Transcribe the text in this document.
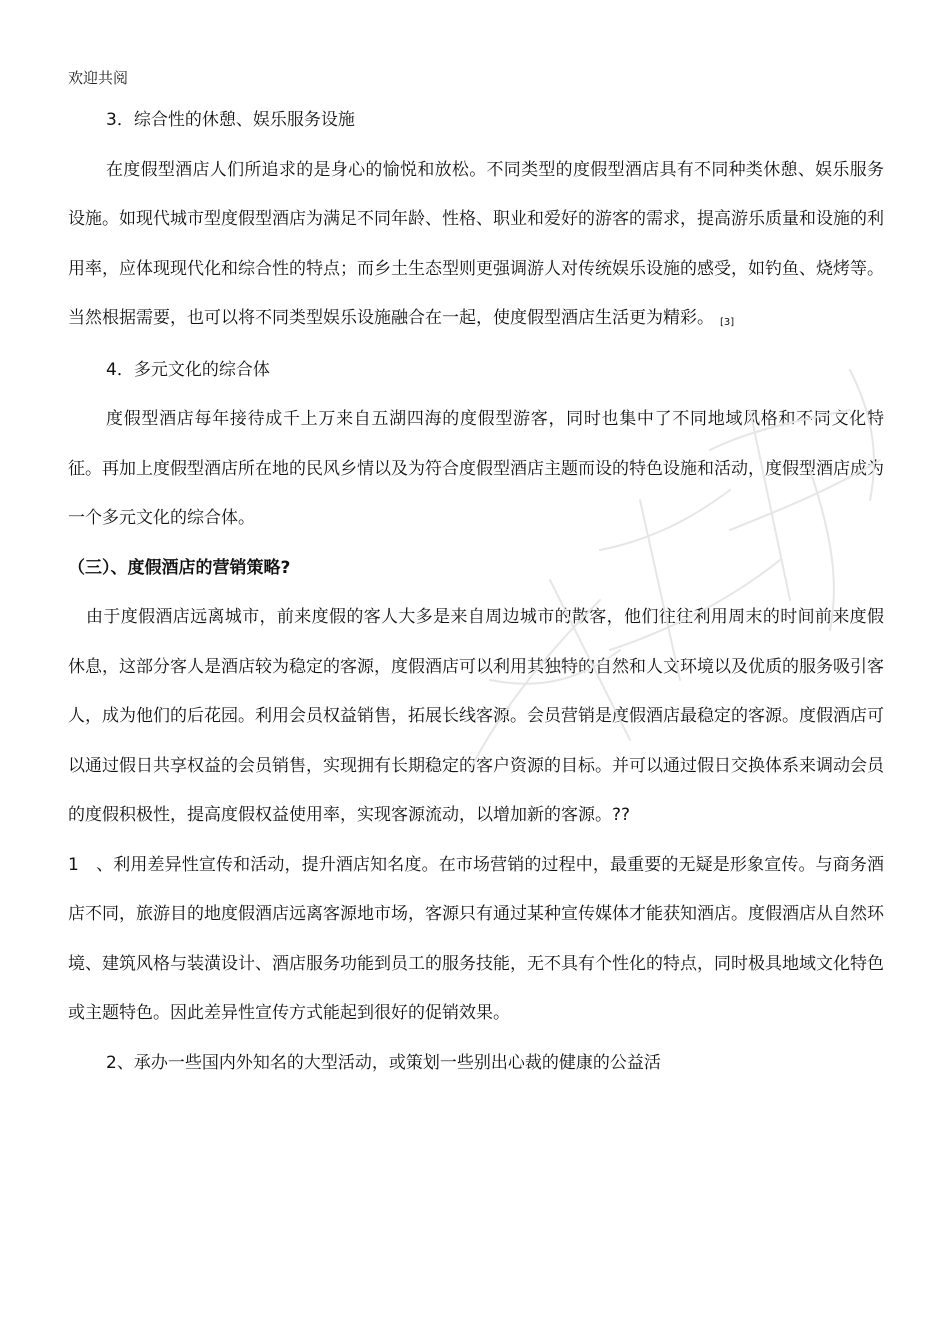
欢迎共阅

3．综合性的休憩、娱乐服务设施

在度假型酒店人们所追求的是身心的愉悦和放松。不同类型的度假型酒店具有不同种类休憩、娱乐服务设施。如现代城市型度假型酒店为满足不同年龄、性格、职业和爱好的游客的需求，提高游乐质量和设施的利用率，应体现现代化和综合性的特点；而乡土生态型则更强调游人对传统娱乐设施的感受，如钓鱼、烧烤等。当然根据需要，也可以将不同类型娱乐设施融合在一起，使度假型酒店生活更为精彩。 [3]

4．多元文化的综合体

度假型酒店每年接待成千上万来自五湖四海的度假型游客，同时也集中了不同地域风格和不同文化特征。再加上度假型酒店所在地的民风乡情以及为符合度假型酒店主题而设的特色设施和活动，度假型酒店成为一个多元文化的综合体。

（三）、度假酒店的营销策略?

由于度假酒店远离城市，前来度假的客人大多是来自周边城市的散客，他们往往利用周末的时间前来度假休息，这部分客人是酒店较为稳定的客源，度假酒店可以利用其独特的自然和人文环境以及优质的服务吸引客人，成为他们的后花园。利用会员权益销售，拓展长线客源。会员营销是度假酒店最稳定的客源。度假酒店可以通过假日共享权益的会员销售，实现拥有长期稳定的客户资源的目标。并可以通过假日交换体系来调动会员的度假积极性，提高度假权益使用率，实现客源流动，以增加新的客源。??

1　、利用差异性宣传和活动，提升酒店知名度。在市场营销的过程中，最重要的无疑是形象宣传。与商务酒店不同，旅游目的地度假酒店远离客源地市场，客源只有通过某种宣传媒体才能获知酒店。度假酒店从自然环境、建筑风格与装潢设计、酒店服务功能到员工的服务技能，无不具有个性化的特点，同时极具地域文化特色或主题特色。因此差异性宣传方式能起到很好的促销效果。

2、承办一些国内外知名的大型活动，或策划一些别出心裁的健康的公益活
